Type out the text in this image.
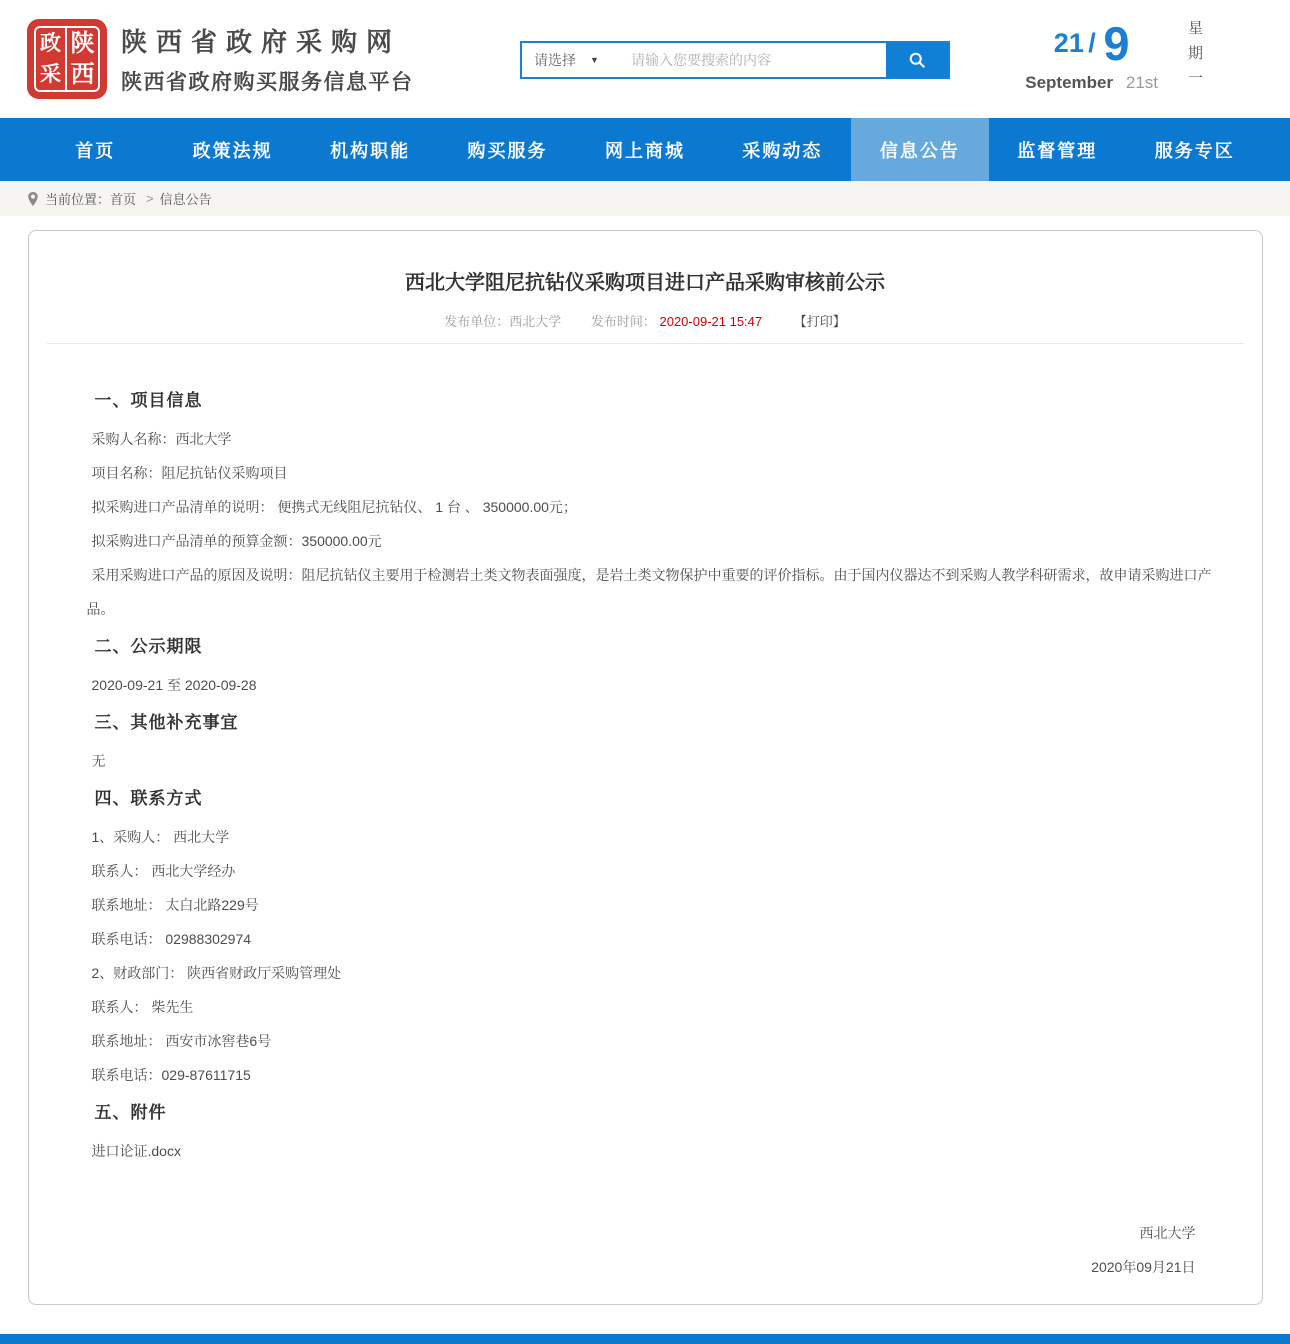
政 陕
采 西
陕西省政府采购网
陕西省政府购买服务信息平台
请选择 ▼
请输入您要搜索的内容
21 / 9
September 21st 星期一
首页	政策法规	机构职能	购买服务	网上商城	采购动态	信息公告	监督管理	服务专区
当前位置： 首页 > 信息公告
西北大学阻尼抗钻仪采购项目进口产品采购审核前公示
发布单位：西北大学 发布时间： 2020-09-21 15:47 【打印】
一、项目信息

采购人名称：西北大学

项目名称：阻尼抗钻仪采购项目

拟采购进口产品清单的说明： 便携式无线阻尼抗钻仪、 1 台 、 350000.00元；

拟采购进口产品清单的预算金额：350000.00元

采用采购进口产品的原因及说明：阻尼抗钻仪主要用于检测岩土类文物表面强度，是岩土类文物保护中重要的评价指标。由于国内仪器达不到采购人教学科研需求，故申请采购进口产品。

二、公示期限

2020-09-21 至 2020-09-28

三、其他补充事宜

无

四、联系方式

1、采购人： 西北大学

联系人： 西北大学经办

联系地址： 太白北路229号

联系电话： 02988302974

2、财政部门： 陕西省财政厅采购管理处

联系人： 柴先生

联系地址： 西安市冰窖巷6号

联系电话：029-87611715

五、附件

进口论证.docx

西北大学

2020年09月21日
